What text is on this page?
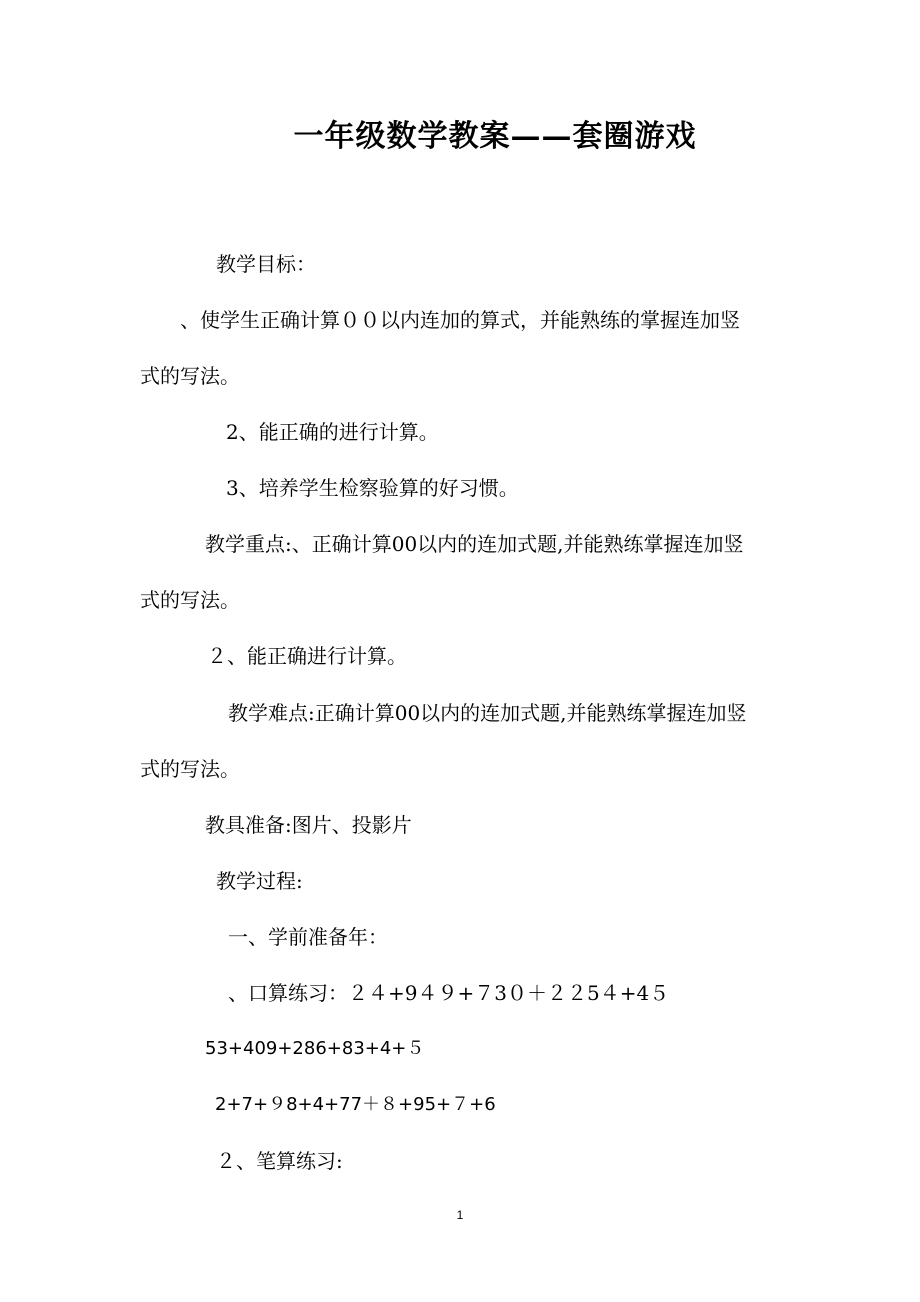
一年级数学教案——套圈游戏
教学目标：
、使学生正确计算００以内连加的算式，并能熟练的掌握连加竖
式的写法。
2、能正确的进行计算。
3、培养学生检察验算的好习惯。
教学重点:、正确计算00以内的连加式题,并能熟练掌握连加竖
式的写法。
２、能正确进行计算。
教学难点:正确计算00以内的连加式题,并能熟练掌握连加竖
式的写法。
教具准备:图片、投影片
教学过程:
一、学前准备年：
、口算练习：２４+9４９+７3０＋２２5４+4５
53+409+286+83+4+５
2+7+９8+4+77＋８+95+７+6
２、笔算练习:
1
